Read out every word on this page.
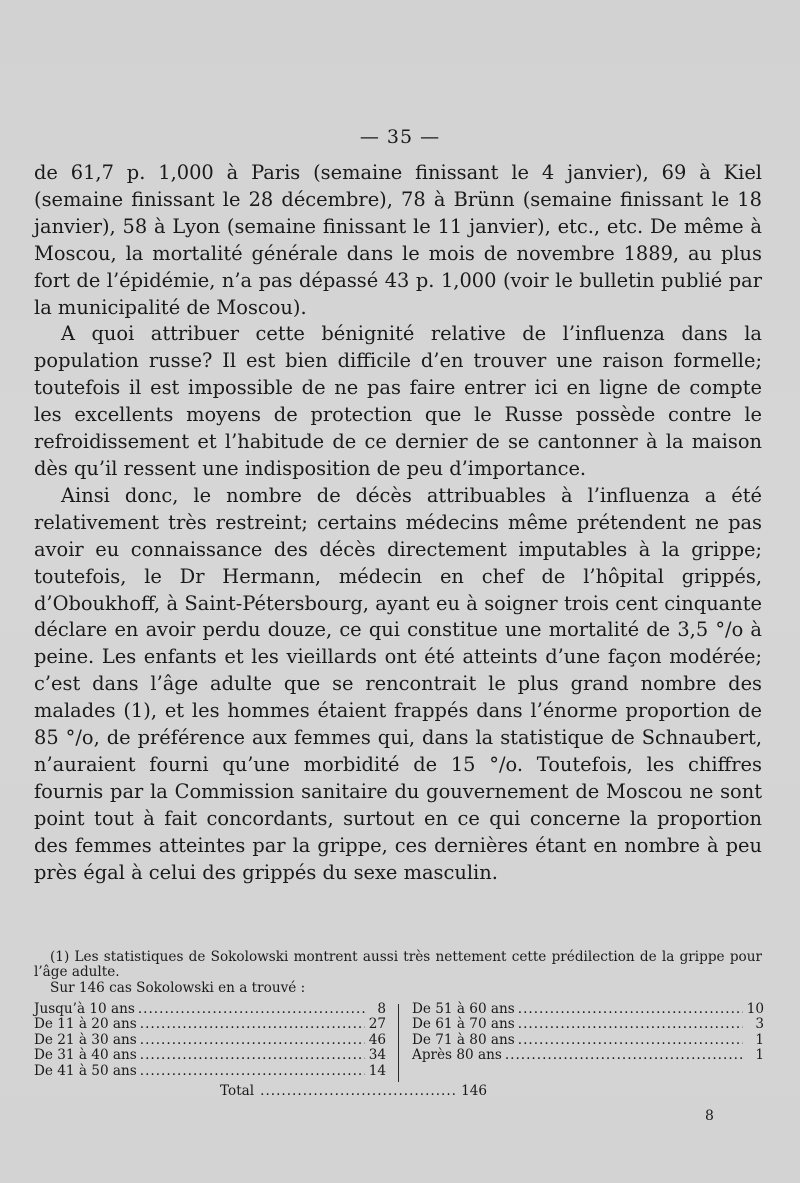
— 35 —

de 61,7 p. 1,000 à Paris (semaine finissant le 4 janvier), 69 à Kiel (semaine finissant le 28 décembre), 78 à Brünn (semaine finissant le 18 janvier), 58 à Lyon (semaine finissant le 11 janvier), etc., etc. De même à Moscou, la mortalité générale dans le mois de novembre 1889, au plus fort de l’épidémie, n’a pas dépassé 43 p. 1,000 (voir le bulletin publié par la municipalité de Moscou).

A quoi attribuer cette bénignité relative de l’influenza dans la population russe? Il est bien difficile d’en trouver une raison formelle; toutefois il est impossible de ne pas faire entrer ici en ligne de compte les excellents moyens de protection que le Russe possède contre le refroidissement et l’habitude de ce dernier de se cantonner à la maison dès qu’il ressent une indisposition de peu d’importance.

Ainsi donc, le nombre de décès attribuables à l’influenza a été relativement très restreint; certains médecins même prétendent ne pas avoir eu connaissance des décès directement imputables à la grippe; toutefois, le Dr Hermann, médecin en chef de l’hôpital grippés, d’Oboukhoff, à Saint-Pétersbourg, ayant eu à soigner trois cent cinquante déclare en avoir perdu douze, ce qui constitue une mortalité de 3,5 °/o à peine. Les enfants et les vieillards ont été atteints d’une façon modérée; c’est dans l’âge adulte que se rencontrait le plus grand nombre des malades (1), et les hommes étaient frappés dans l’énorme proportion de 85 °/o, de préférence aux femmes qui, dans la statistique de Schnaubert, n’auraient fourni qu’une morbidité de 15 °/o. Toutefois, les chiffres fournis par la Commission sanitaire du gouvernement de Moscou ne sont point tout à fait concordants, surtout en ce qui concerne la proportion des femmes atteintes par la grippe, ces dernières étant en nombre à peu près égal à celui des grippés du sexe masculin.

(1) Les statistiques de Sokolowski montrent aussi très nettement cette prédilection de la grippe pour l’âge adulte.

Sur 146 cas Sokolowski en a trouvé :

Jusqu’à 10 ans .....	8
De 11 à 20 ans .....	27
De 21 à 30 ans .....	46
De 31 à 40 ans .....	34
De 41 à 50 ans .....	14
De 51 à 60 ans .....	10
De 61 à 70 ans .....	3
De 71 à 80 ans .....	1
Après 80 ans .....	1
Total .....	146
8
